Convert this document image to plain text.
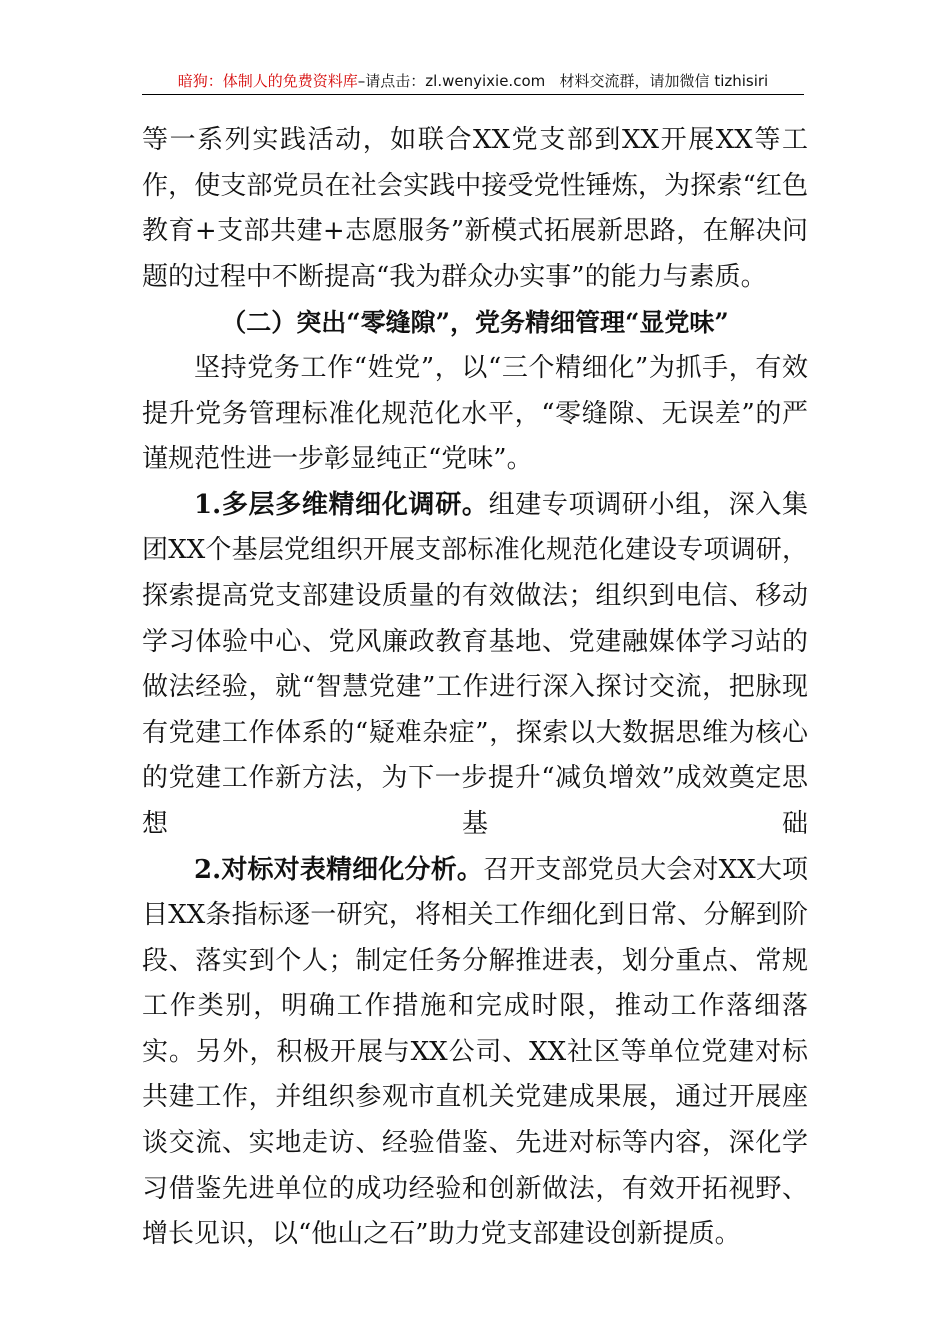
暗狗：体制人的免费资料库–请点击：zl.wenyixie.com 材料交流群，请加微信 tizhisiri

等一系列实践活动，如联合XX党支部到XX开展XX等工作，使支部党员在社会实践中接受党性锤炼，为探索“红色教育+支部共建+志愿服务”新模式拓展新思路，在解决问题的过程中不断提高“我为群众办实事”的能力与素质。

（二）突出“零缝隙”，党务精细管理“显党味”

坚持党务工作“姓党”，以“三个精细化”为抓手，有效提升党务管理标准化规范化水平，“零缝隙、无误差”的严谨规范性进一步彰显纯正“党味”。

1.多层多维精细化调研。组建专项调研小组，深入集团XX个基层党组织开展支部标准化规范化建设专项调研，探索提高党支部建设质量的有效做法；组织到电信、移动学习体验中心、党风廉政教育基地、党建融媒体学习站的做法经验，就“智慧党建”工作进行深入探讨交流，把脉现有党建工作体系的“疑难杂症”，探索以大数据思维为核心的党建工作新方法，为下一步提升“减负增效”成效奠定思想基础

2.对标对表精细化分析。召开支部党员大会对XX大项目XX条指标逐一研究，将相关工作细化到日常、分解到阶段、落实到个人；制定任务分解推进表，划分重点、常规工作类别，明确工作措施和完成时限，推动工作落细落实。另外，积极开展与XX公司、XX社区等单位党建对标共建工作，并组织参观市直机关党建成果展，通过开展座谈交流、实地走访、经验借鉴、先进对标等内容，深化学习借鉴先进单位的成功经验和创新做法，有效开拓视野、增长见识，以“他山之石”助力党支部建设创新提质。
